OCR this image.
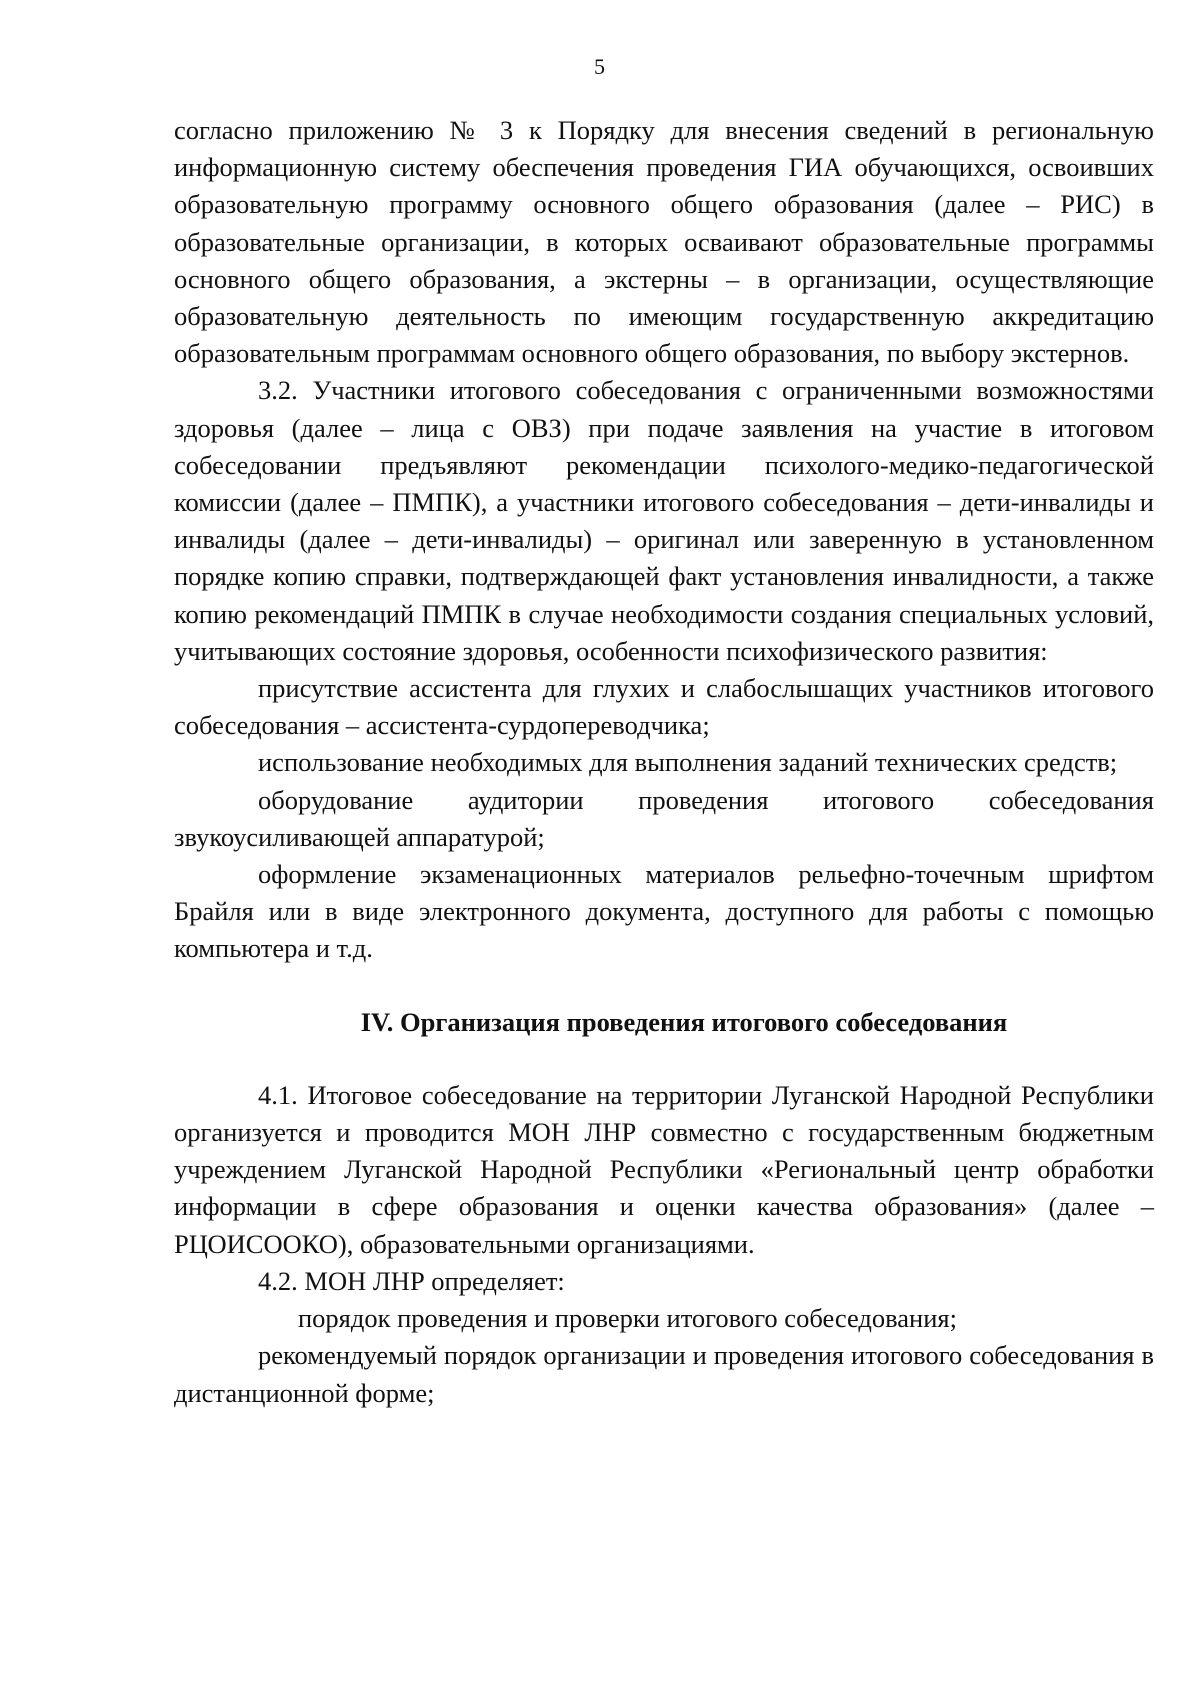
5

согласно приложению № 3 к Порядку для внесения сведений в региональную информационную систему обеспечения проведения ГИА обучающихся, освоивших образовательную программу основного общего образования (далее – РИС) в образовательные организации, в которых осваивают образовательные программы основного общего образования, а экстерны – в организации, осуществляющие образовательную деятельность по имеющим государственную аккредитацию образовательным программам основного общего образования, по выбору экстернов.

3.2. Участники итогового собеседования с ограниченными возможностями здоровья (далее – лица с ОВЗ) при подаче заявления на участие в итоговом собеседовании предъявляют рекомендации психолого-медико-педагогической комиссии (далее – ПМПК), а участники итогового собеседования – дети-инвалиды и инвалиды (далее – дети-инвалиды) – оригинал или заверенную в установленном порядке копию справки, подтверждающей факт установления инвалидности, а также копию рекомендаций ПМПК в случае необходимости создания специальных условий, учитывающих состояние здоровья, особенности психофизического развития:

присутствие ассистента для глухих и слабослышащих участников итогового собеседования – ассистента-сурдопереводчика;

использование необходимых для выполнения заданий технических средств;

оборудование аудитории проведения итогового собеседования звукоусиливающей аппаратурой;

оформление экзаменационных материалов рельефно-точечным шрифтом Брайля или в виде электронного документа, доступного для работы с помощью компьютера и т.д.

IV. Организация проведения итогового собеседования

4.1. Итоговое собеседование на территории Луганской Народной Республики организуется и проводится МОН ЛНР совместно с государственным бюджетным учреждением Луганской Народной Республики «Региональный центр обработки информации в сфере образования и оценки качества образования» (далее – РЦОИСООКО), образовательными организациями.

4.2. МОН ЛНР определяет:

порядок проведения и проверки итогового собеседования;

рекомендуемый порядок организации и проведения итогового собеседования в дистанционной форме;
